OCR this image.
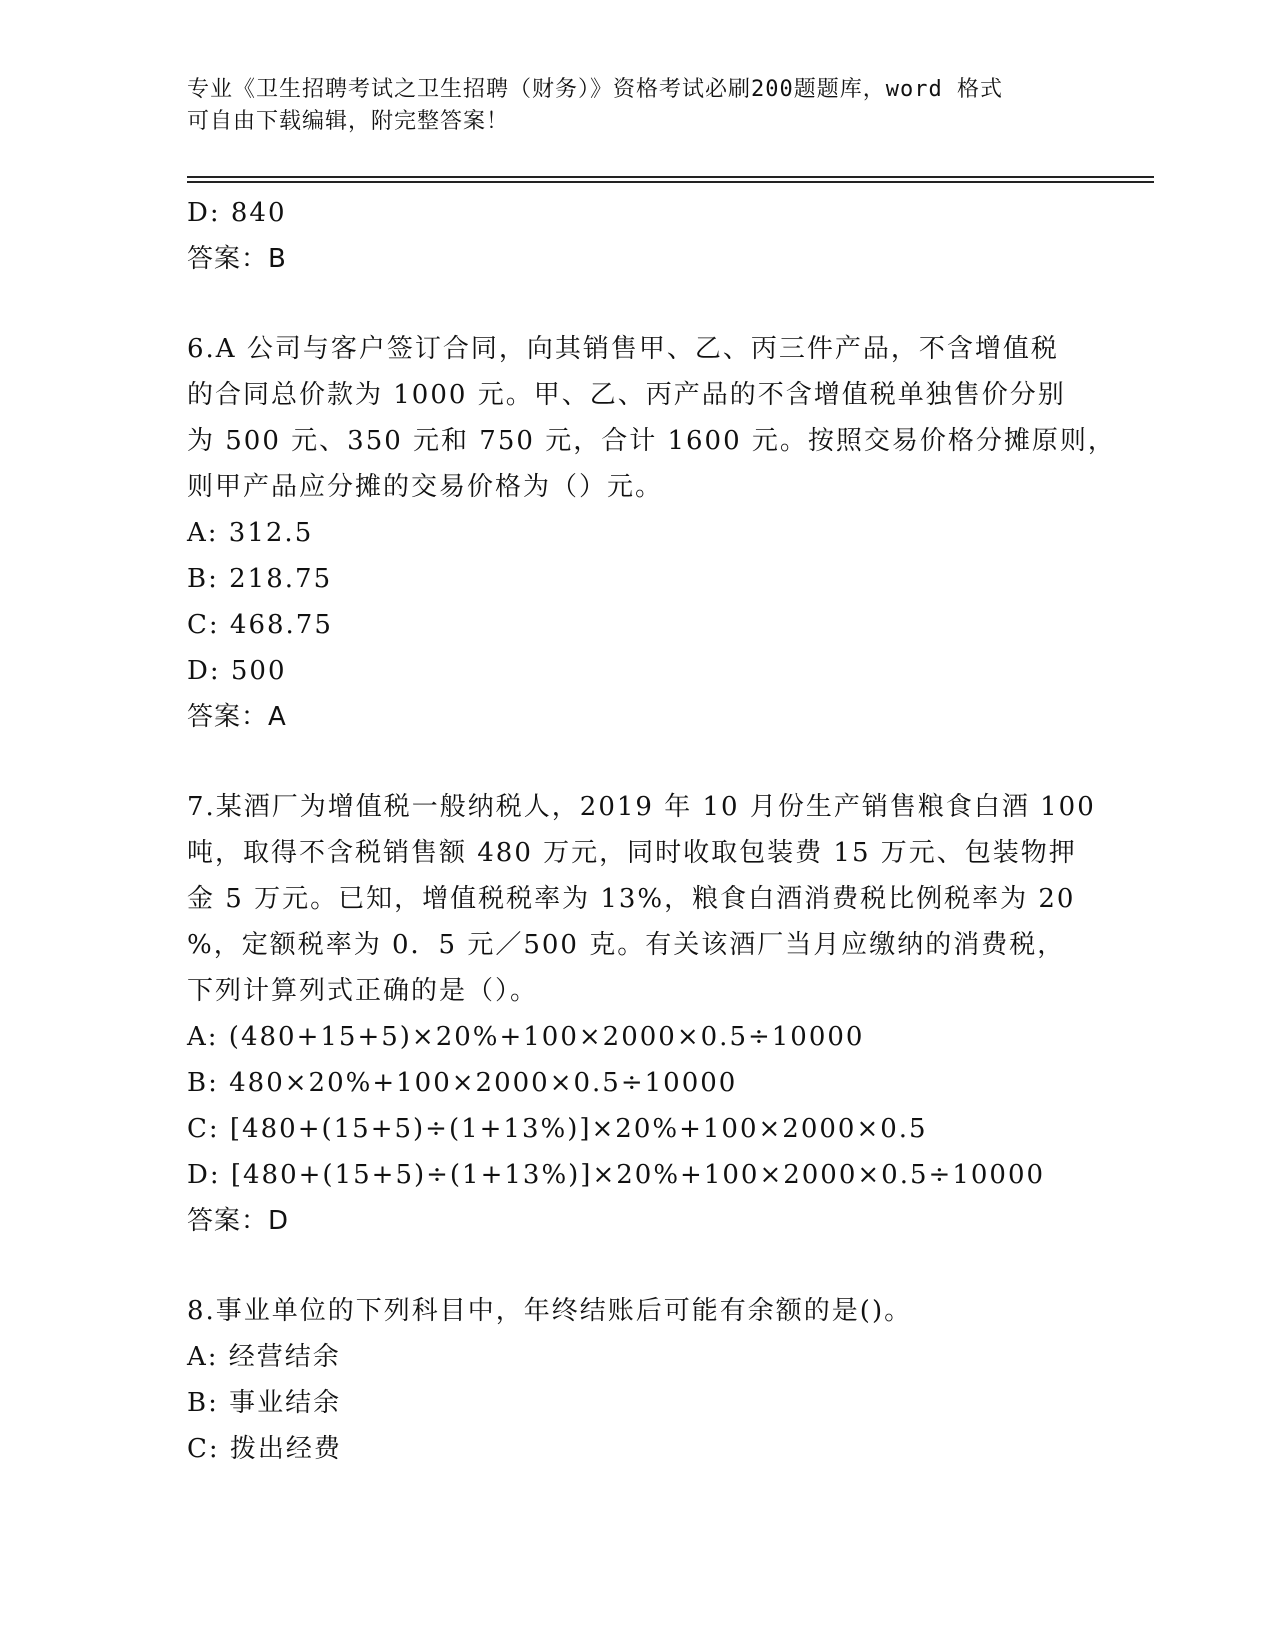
专业《卫生招聘考试之卫生招聘（财务）》资格考试必刷200题题库，word 格式
可自由下载编辑，附完整答案！
D: 840
答案：B
6.A 公司与客户签订合同，向其销售甲、乙、丙三件产品，不含增值税
的合同总价款为 1000 元。甲、乙、丙产品的不含增值税单独售价分别
为 500 元、350 元和 750 元，合计 1600 元。按照交易价格分摊原则，
则甲产品应分摊的交易价格为（）元。
A: 312.5
B: 218.75
C: 468.75
D: 500
答案：A
7.某酒厂为增值税一般纳税人，2019 年 10 月份生产销售粮食白酒 100
吨，取得不含税销售额 480 万元，同时收取包装费 15 万元、包装物押
金 5 万元。已知，增值税税率为 13%，粮食白酒消费税比例税率为 20
%，定额税率为 0．5 元／500 克。有关该酒厂当月应缴纳的消费税，
下列计算列式正确的是（）。
A: (480+15+5)×20%+100×2000×0.5÷10000
B: 480×20%+100×2000×0.5÷10000
C: [480+(15+5)÷(1+13%)]×20%+100×2000×0.5
D: [480+(15+5)÷(1+13%)]×20%+100×2000×0.5÷10000
答案：D
8.事业单位的下列科目中，年终结账后可能有余额的是()。
A: 经营结余
B: 事业结余
C: 拨出经费
